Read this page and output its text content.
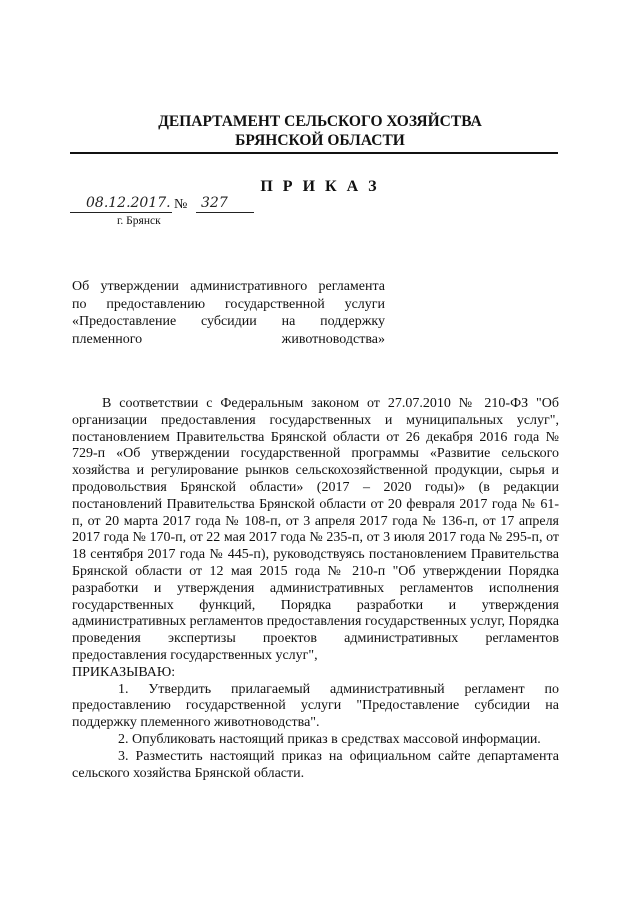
ДЕПАРТАМЕНТ СЕЛЬСКОГО ХОЗЯЙСТВА
БРЯНСКОЙ ОБЛАСТИ
П Р И К А З
08.12.2017. № 327
г. Брянск
Об утверждении административного регламента
по предоставлению государственной услуги
«Предоставление субсидии на поддержку
племенного животноводства»

В соответствии с Федеральным законом от 27.07.2010 № 210-ФЗ "Об организации предоставления государственных и муниципальных услуг", постановлением Правительства Брянской области от 26 декабря 2016 года № 729-п «Об утверждении государственной программы «Развитие сельского хозяйства и регулирование рынков сельскохозяйственной продукции, сырья и продовольствия Брянской области» (2017 – 2020 годы)» (в редакции постановлений Правительства Брянской области от 20 февраля 2017 года № 61-п, от 20 марта 2017 года № 108-п, от 3 апреля 2017 года № 136-п, от 17 апреля 2017 года № 170-п, от 22 мая 2017 года № 235-п, от 3 июля 2017 года № 295-п, от 18 сентября 2017 года № 445-п), руководствуясь постановлением Правительства Брянской области от 12 мая 2015 года № 210-п "Об утверждении Порядка разработки и утверждения административных регламентов исполнения государственных функций, Порядка разработки и утверждения административных регламентов предоставления государственных услуг, Порядка проведения экспертизы проектов административных регламентов предоставления государственных услуг",

ПРИКАЗЫВАЮ:

1. Утвердить прилагаемый административный регламент по предоставлению государственной услуги "Предоставление субсидии на поддержку племенного животноводства".

2. Опубликовать настоящий приказ в средствах массовой информации.

3. Разместить настоящий приказ на официальном сайте департамента сельского хозяйства Брянской области.
